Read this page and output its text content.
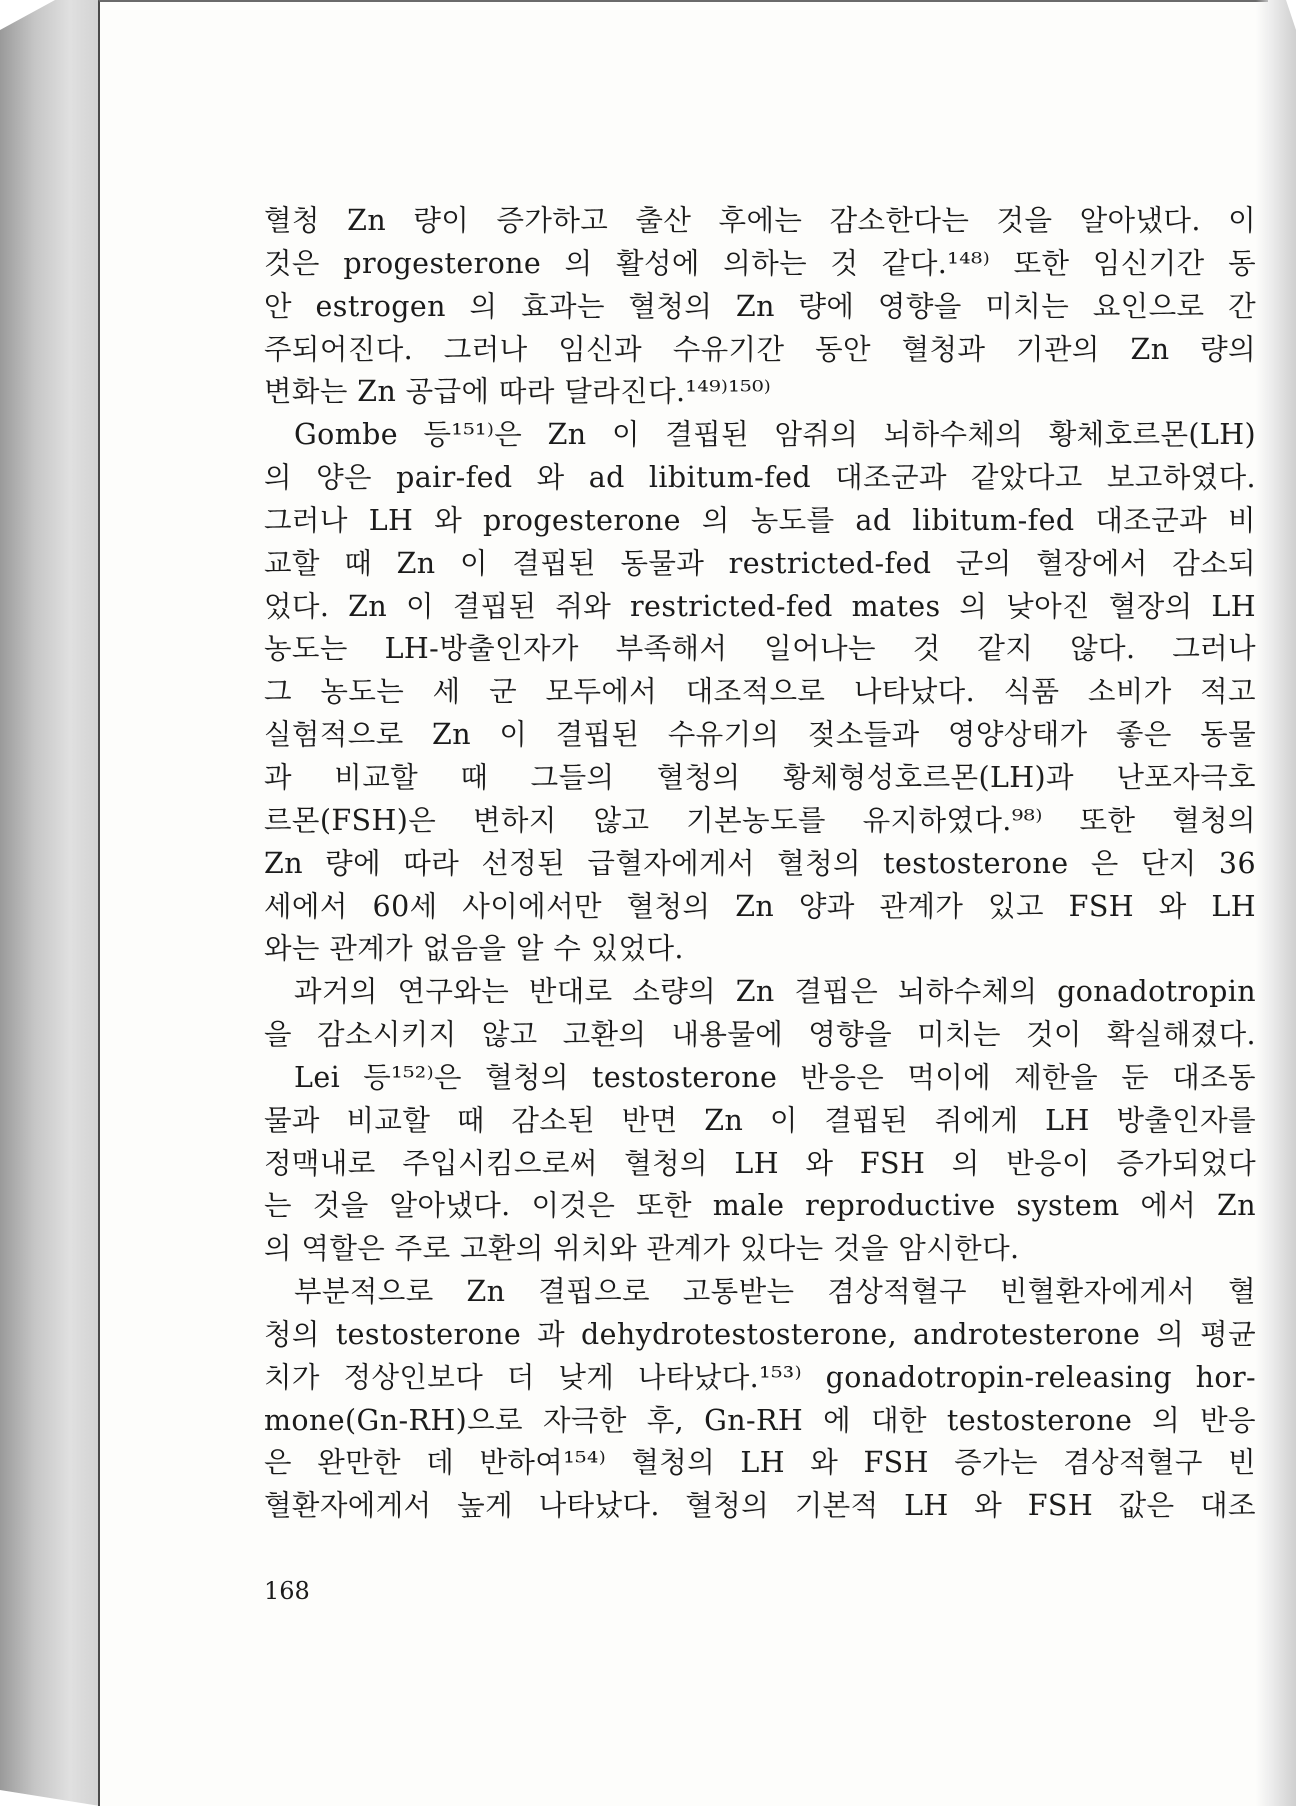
혈청 Zn 량이 증가하고 출산 후에는 감소한다는 것을 알아냈다. 이
것은 progesterone 의 활성에 의하는 것 같다.¹⁴⁸⁾ 또한 임신기간 동
안 estrogen 의 효과는 혈청의 Zn 량에 영향을 미치는 요인으로 간
주되어진다. 그러나 임신과 수유기간 동안 혈청과 기관의 Zn 량의
변화는 Zn 공급에 따라 달라진다.¹⁴⁹⁾¹⁵⁰⁾
Gombe 등¹⁵¹⁾은 Zn 이 결핍된 암쥐의 뇌하수체의 황체호르몬(LH)
의 양은 pair-fed 와 ad libitum-fed 대조군과 같았다고 보고하였다.
그러나 LH 와 progesterone 의 농도를 ad libitum-fed 대조군과 비
교할 때 Zn 이 결핍된 동물과 restricted-fed 군의 혈장에서 감소되
었다. Zn 이 결핍된 쥐와 restricted-fed mates 의 낮아진 혈장의 LH
농도는 LH-방출인자가 부족해서 일어나는 것 같지 않다. 그러나
그 농도는 세 군 모두에서 대조적으로 나타났다. 식품 소비가 적고
실험적으로 Zn 이 결핍된 수유기의 젖소들과 영양상태가 좋은 동물
과 비교할 때 그들의 혈청의 황체형성호르몬(LH)과 난포자극호
르몬(FSH)은 변하지 않고 기본농도를 유지하였다.⁹⁸⁾ 또한 혈청의
Zn 량에 따라 선정된 급혈자에게서 혈청의 testosterone 은 단지 36
세에서 60세 사이에서만 혈청의 Zn 양과 관계가 있고 FSH 와 LH
와는 관계가 없음을 알 수 있었다.
과거의 연구와는 반대로 소량의 Zn 결핍은 뇌하수체의 gonadotropin
을 감소시키지 않고 고환의 내용물에 영향을 미치는 것이 확실해졌다.
Lei 등¹⁵²⁾은 혈청의 testosterone 반응은 먹이에 제한을 둔 대조동
물과 비교할 때 감소된 반면 Zn 이 결핍된 쥐에게 LH 방출인자를
정맥내로 주입시킴으로써 혈청의 LH 와 FSH 의 반응이 증가되었다
는 것을 알아냈다. 이것은 또한 male reproductive system 에서 Zn
의 역할은 주로 고환의 위치와 관계가 있다는 것을 암시한다.
부분적으로 Zn 결핍으로 고통받는 겸상적혈구 빈혈환자에게서 혈
청의 testosterone 과 dehydrotestosterone, androtesterone 의 평균
치가 정상인보다 더 낮게 나타났다.¹⁵³⁾ gonadotropin-releasing hor-
mone(Gn-RH)으로 자극한 후, Gn-RH 에 대한 testosterone 의 반응
은 완만한 데 반하여¹⁵⁴⁾ 혈청의 LH 와 FSH 증가는 겸상적혈구 빈
혈환자에게서 높게 나타났다. 혈청의 기본적 LH 와 FSH 값은 대조
168
